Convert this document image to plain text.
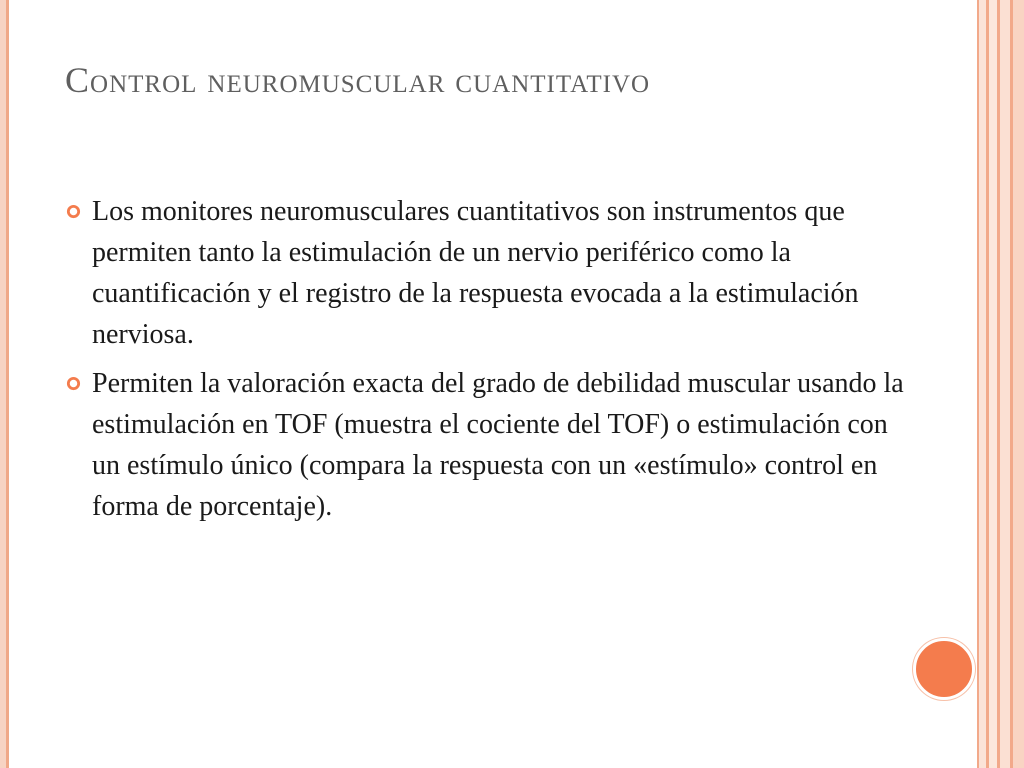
Control neuromuscular cuantitativo
Los monitores neuromusculares cuantitativos son instrumentos que permiten tanto la estimulación de un nervio periférico como la cuantificación y el registro de la respuesta evocada a la estimulación nerviosa.
Permiten la valoración exacta del grado de debilidad muscular usando la estimulación en TOF (muestra el cociente del TOF) o estimulación con un estímulo único (compara la respuesta con un «estímulo» control en forma de porcentaje).
